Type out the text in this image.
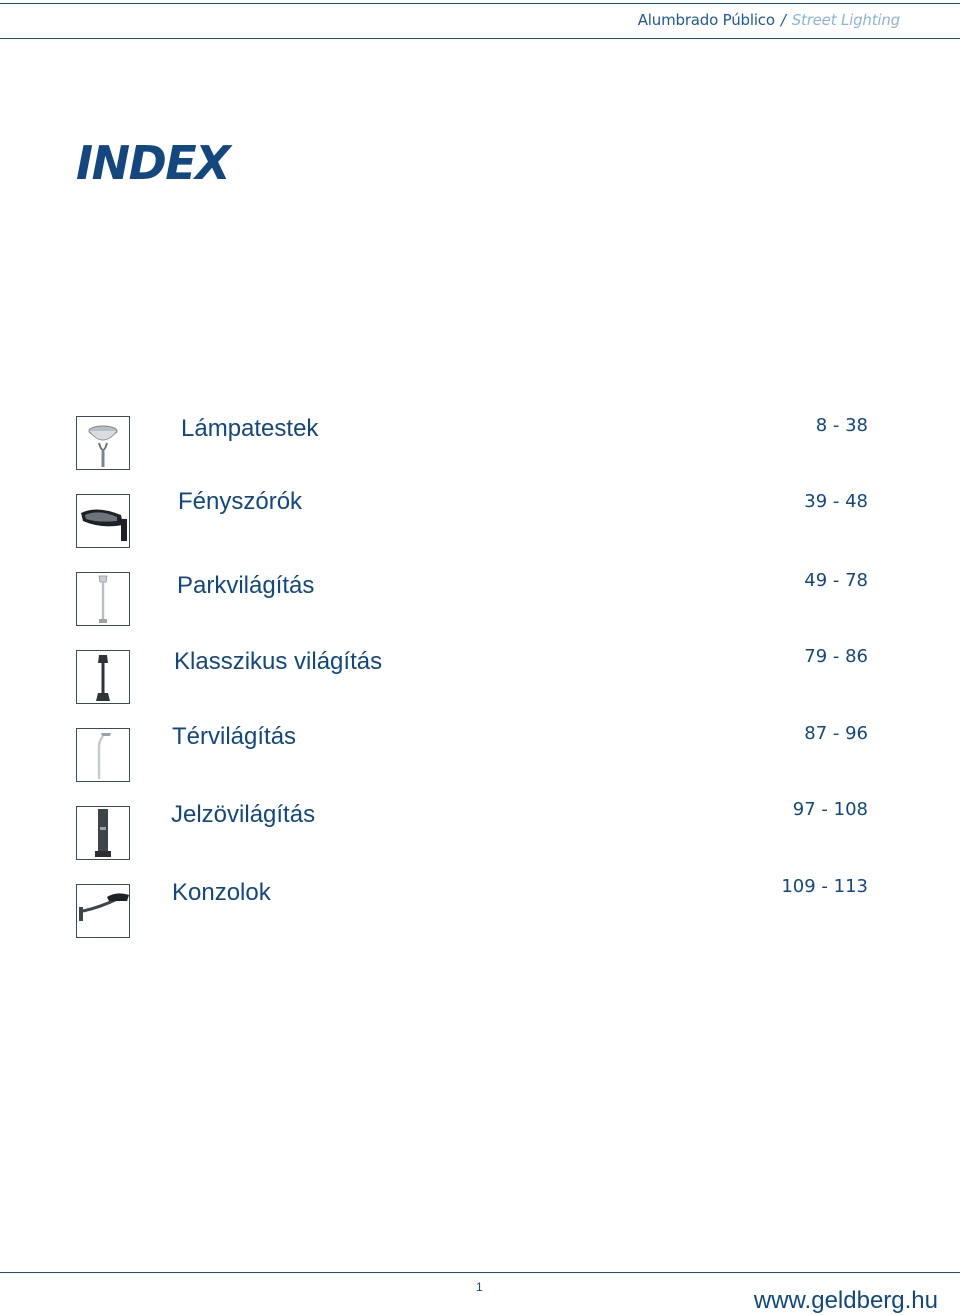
Alumbrado Público / Street Lighting
INDEX
Lámpatestek	8 - 38
Fényszórók	39 - 48
Parkvilágítás	49 - 78
Klasszikus világítás	79 - 86
Térvilágítás	87 - 96
Jelzövilágítás	97 - 108
Konzolok	109 - 113
1	www.geldberg.hu
